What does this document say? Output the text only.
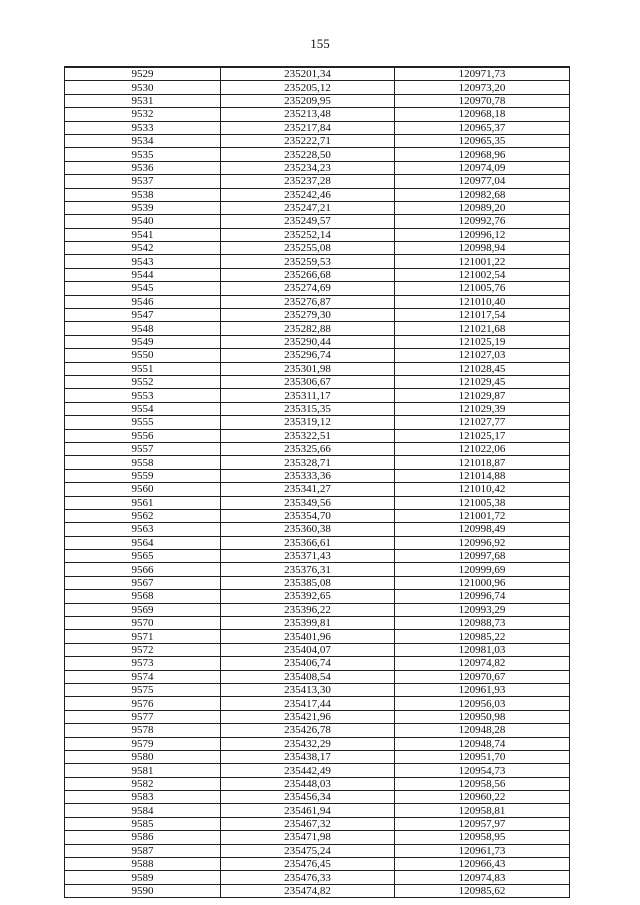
155
9529	235201,34	120971,73
9530	235205,12	120973,20
9531	235209,95	120970,78
9532	235213,48	120968,18
9533	235217,84	120965,37
9534	235222,71	120965,35
9535	235228,50	120968,96
9536	235234,23	120974,09
9537	235237,28	120977,04
9538	235242,46	120982,68
9539	235247,21	120989,20
9540	235249,57	120992,76
9541	235252,14	120996,12
9542	235255,08	120998,94
9543	235259,53	121001,22
9544	235266,68	121002,54
9545	235274,69	121005,76
9546	235276,87	121010,40
9547	235279,30	121017,54
9548	235282,88	121021,68
9549	235290,44	121025,19
9550	235296,74	121027,03
9551	235301,98	121028,45
9552	235306,67	121029,45
9553	235311,17	121029,87
9554	235315,35	121029,39
9555	235319,12	121027,77
9556	235322,51	121025,17
9557	235325,66	121022,06
9558	235328,71	121018,87
9559	235333,36	121014,88
9560	235341,27	121010,42
9561	235349,56	121005,38
9562	235354,70	121001,72
9563	235360,38	120998,49
9564	235366,61	120996,92
9565	235371,43	120997,68
9566	235376,31	120999,69
9567	235385,08	121000,96
9568	235392,65	120996,74
9569	235396,22	120993,29
9570	235399,81	120988,73
9571	235401,96	120985,22
9572	235404,07	120981,03
9573	235406,74	120974,82
9574	235408,54	120970,67
9575	235413,30	120961,93
9576	235417,44	120956,03
9577	235421,96	120950,98
9578	235426,78	120948,28
9579	235432,29	120948,74
9580	235438,17	120951,70
9581	235442,49	120954,73
9582	235448,03	120958,56
9583	235456,34	120960,22
9584	235461,94	120958,81
9585	235467,32	120957,97
9586	235471,98	120958,95
9587	235475,24	120961,73
9588	235476,45	120966,43
9589	235476,33	120974,83
9590	235474,82	120985,62
